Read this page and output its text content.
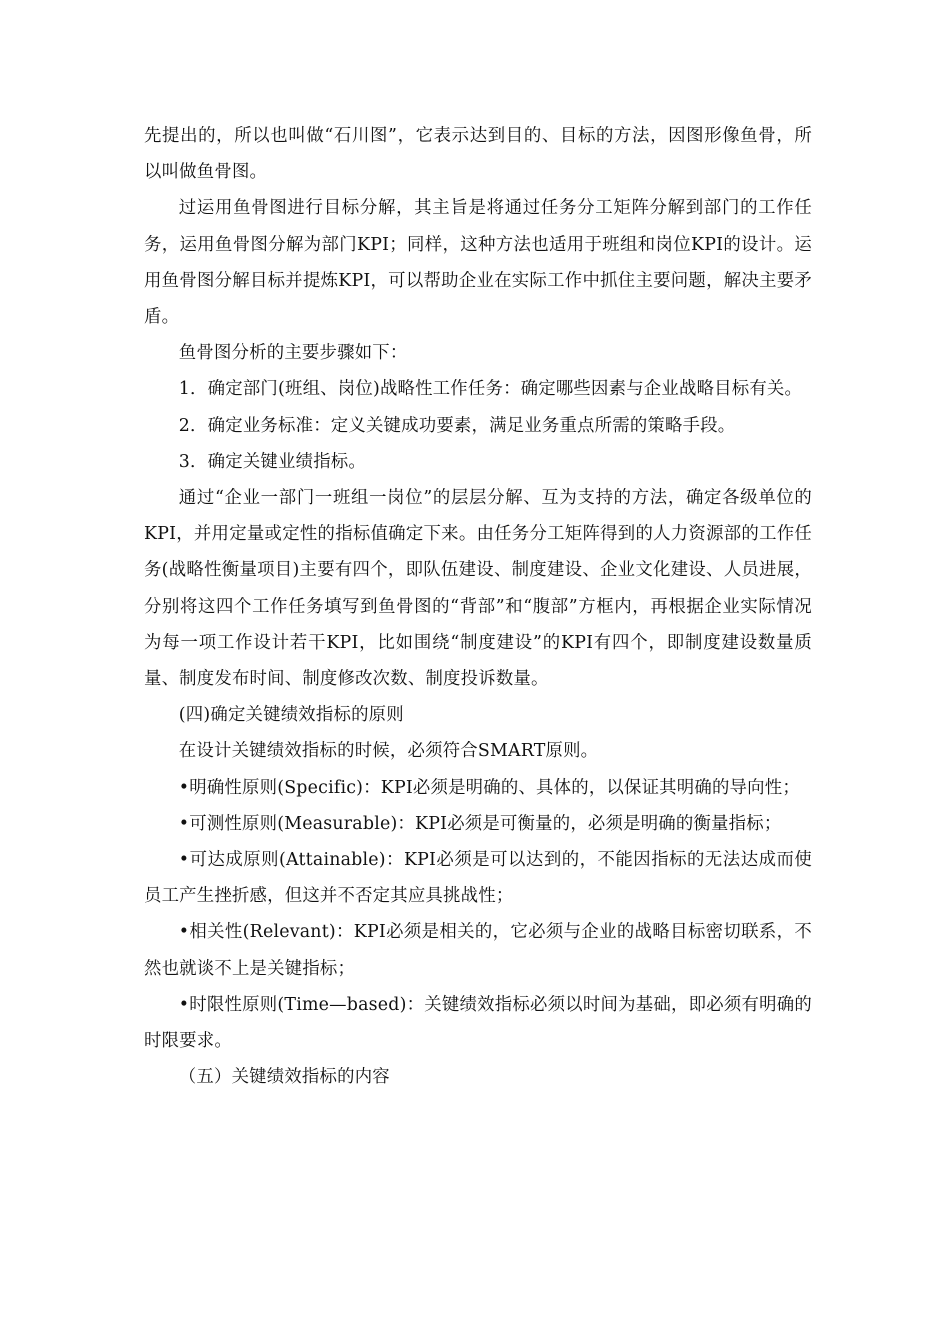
先提出的，所以也叫做“石川图”，它表示达到目的、目标的方法，因图形像鱼骨，所以叫做鱼骨图。

过运用鱼骨图进行目标分解，其主旨是将通过任务分工矩阵分解到部门的工作任务，运用鱼骨图分解为部门KPI；同样，这种方法也适用于班组和岗位KPI的设计。运用鱼骨图分解目标并提炼KPI，可以帮助企业在实际工作中抓住主要问题，解决主要矛盾。

鱼骨图分析的主要步骤如下：

1．确定部门(班组、岗位)战略性工作任务：确定哪些因素与企业战略目标有关。

2．确定业务标准：定义关键成功要素，满足业务重点所需的策略手段。

3．确定关键业绩指标。

通过“企业一部门一班组一岗位”的层层分解、互为支持的方法，确定各级单位的KPI，并用定量或定性的指标值确定下来。由任务分工矩阵得到的人力资源部的工作任务(战略性衡量项目)主要有四个，即队伍建设、制度建设、企业文化建设、人员进展，分别将这四个工作任务填写到鱼骨图的“背部”和“腹部”方框内，再根据企业实际情况为每一项工作设计若干KPI，比如围绕“制度建设”的KPI有四个，即制度建设数量质量、制度发布时间、制度修改次数、制度投诉数量。

(四)确定关键绩效指标的原则

在设计关键绩效指标的时候，必须符合SMART原则。

•明确性原则(Specific)：KPI必须是明确的、具体的，以保证其明确的导向性；

•可测性原则(Measurable)：KPI必须是可衡量的，必须是明确的衡量指标；

•可达成原则(Attainable)：KPI必须是可以达到的，不能因指标的无法达成而使员工产生挫折感，但这并不否定其应具挑战性；

•相关性(Relevant)：KPI必须是相关的，它必须与企业的战略目标密切联系，不然也就谈不上是关键指标；

•时限性原则(Time—based)：关键绩效指标必须以时间为基础，即必须有明确的时限要求。

（五）关键绩效指标的内容
